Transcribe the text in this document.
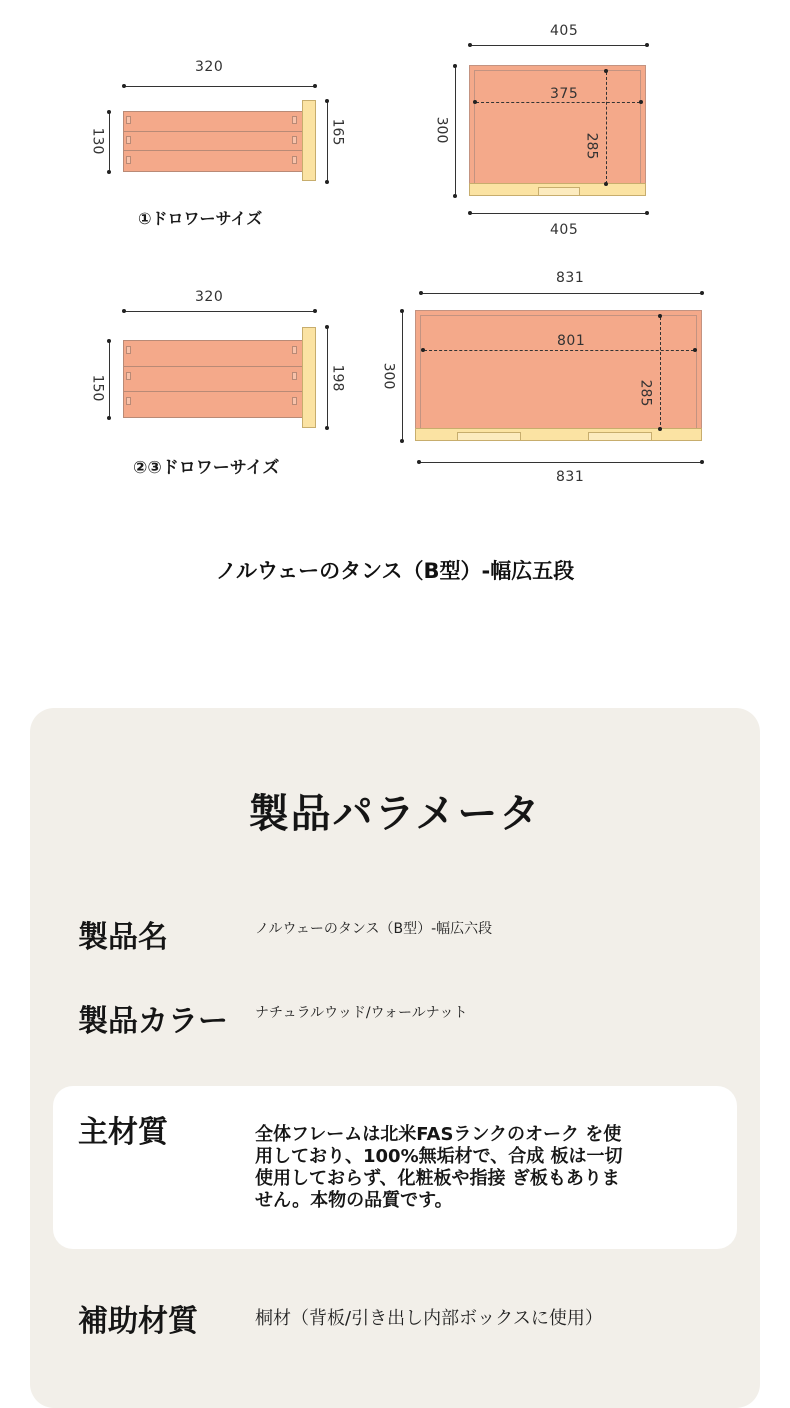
320
130	165
①ドロワーサイズ
405
300
375
285
405
320
150	198
②③ドロワーサイズ
831
300
801
285
831
ノルウェーのタンス（B型）-幅広五段
製品パラメータ
製品名	ノルウェーのタンス（B型）-幅広六段
製品カラー ナチュラルウッド/ウォールナット
主材質	全体フレームは北米FASランクのオーク を使用しており、100%無垢材で、合成 板は一切使用しておらず、化粧板や指接 ぎ板もありません。本物の品質です。
補助材質	桐材（背板/引き出し内部ボックスに使用）
